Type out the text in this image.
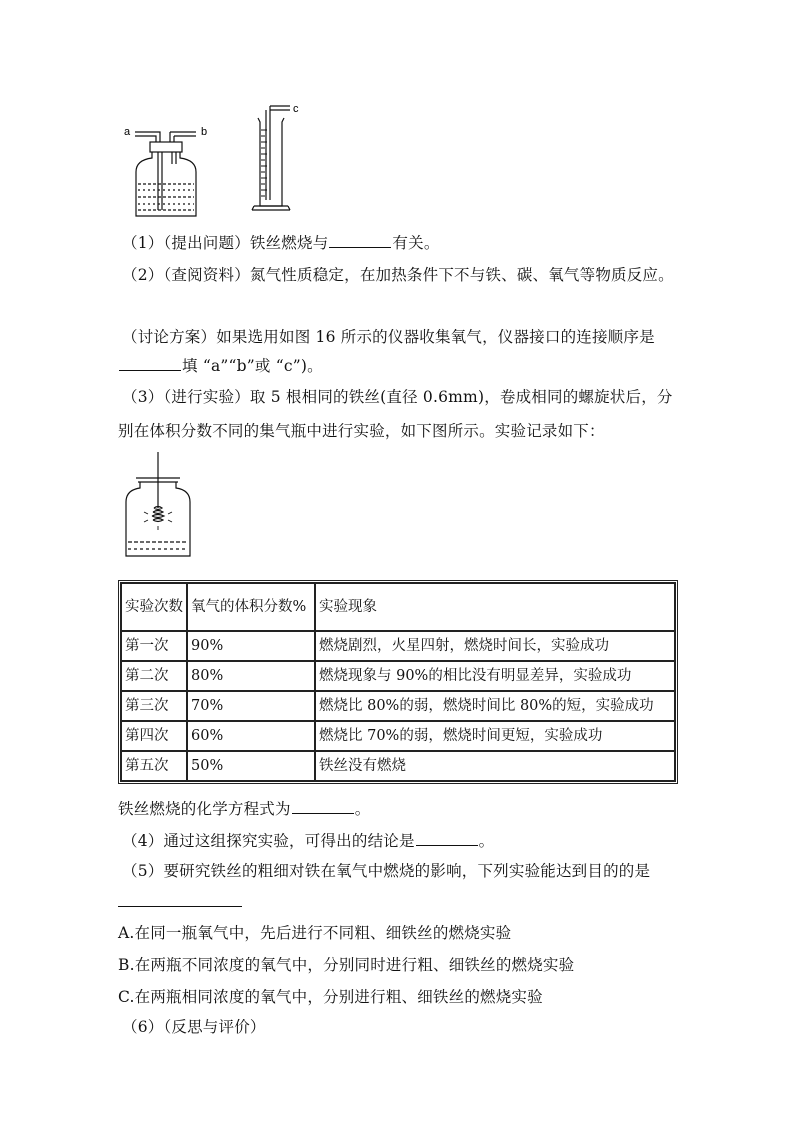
a	b
c
（1）（提出问题）铁丝燃烧与	有关。
（2）（查阅资料）氮气性质稳定，在加热条件下不与铁、碳、氧气等物质反应。
（讨论方案）如果选用如图 16 所示的仪器收集氧气，仪器接口的连接顺序是
填 “a”“b”或 “c”)。
（3）（进行实验）取 5 根相同的铁丝(直径 0.6mm)，卷成相同的螺旋状后，分
别在体积分数不同的集气瓶中进行实验，如下图所示。实验记录如下：
实验次数	氧气的体积分数%	实验现象
第一次	90%	燃烧剧烈，火星四射，燃烧时间长，实验成功
第二次	80%	燃烧现象与 90%的相比没有明显差异，实验成功
第三次	70%	燃烧比 80%的弱，燃烧时间比 80%的短，实验成功
第四次	60%	燃烧比 70%的弱，燃烧时间更短，实验成功
第五次	50%	铁丝没有燃烧
铁丝燃烧的化学方程式为	。
（4）通过这组探究实验，可得出的结论是	。
（5）要研究铁丝的粗细对铁在氧气中燃烧的影响，下列实验能达到目的的是
A.在同一瓶氧气中，先后进行不同粗、细铁丝的燃烧实验
B.在两瓶不同浓度的氧气中，分别同时进行粗、细铁丝的燃烧实验
C.在两瓶相同浓度的氧气中，分别进行粗、细铁丝的燃烧实验
（6）（反思与评价）
